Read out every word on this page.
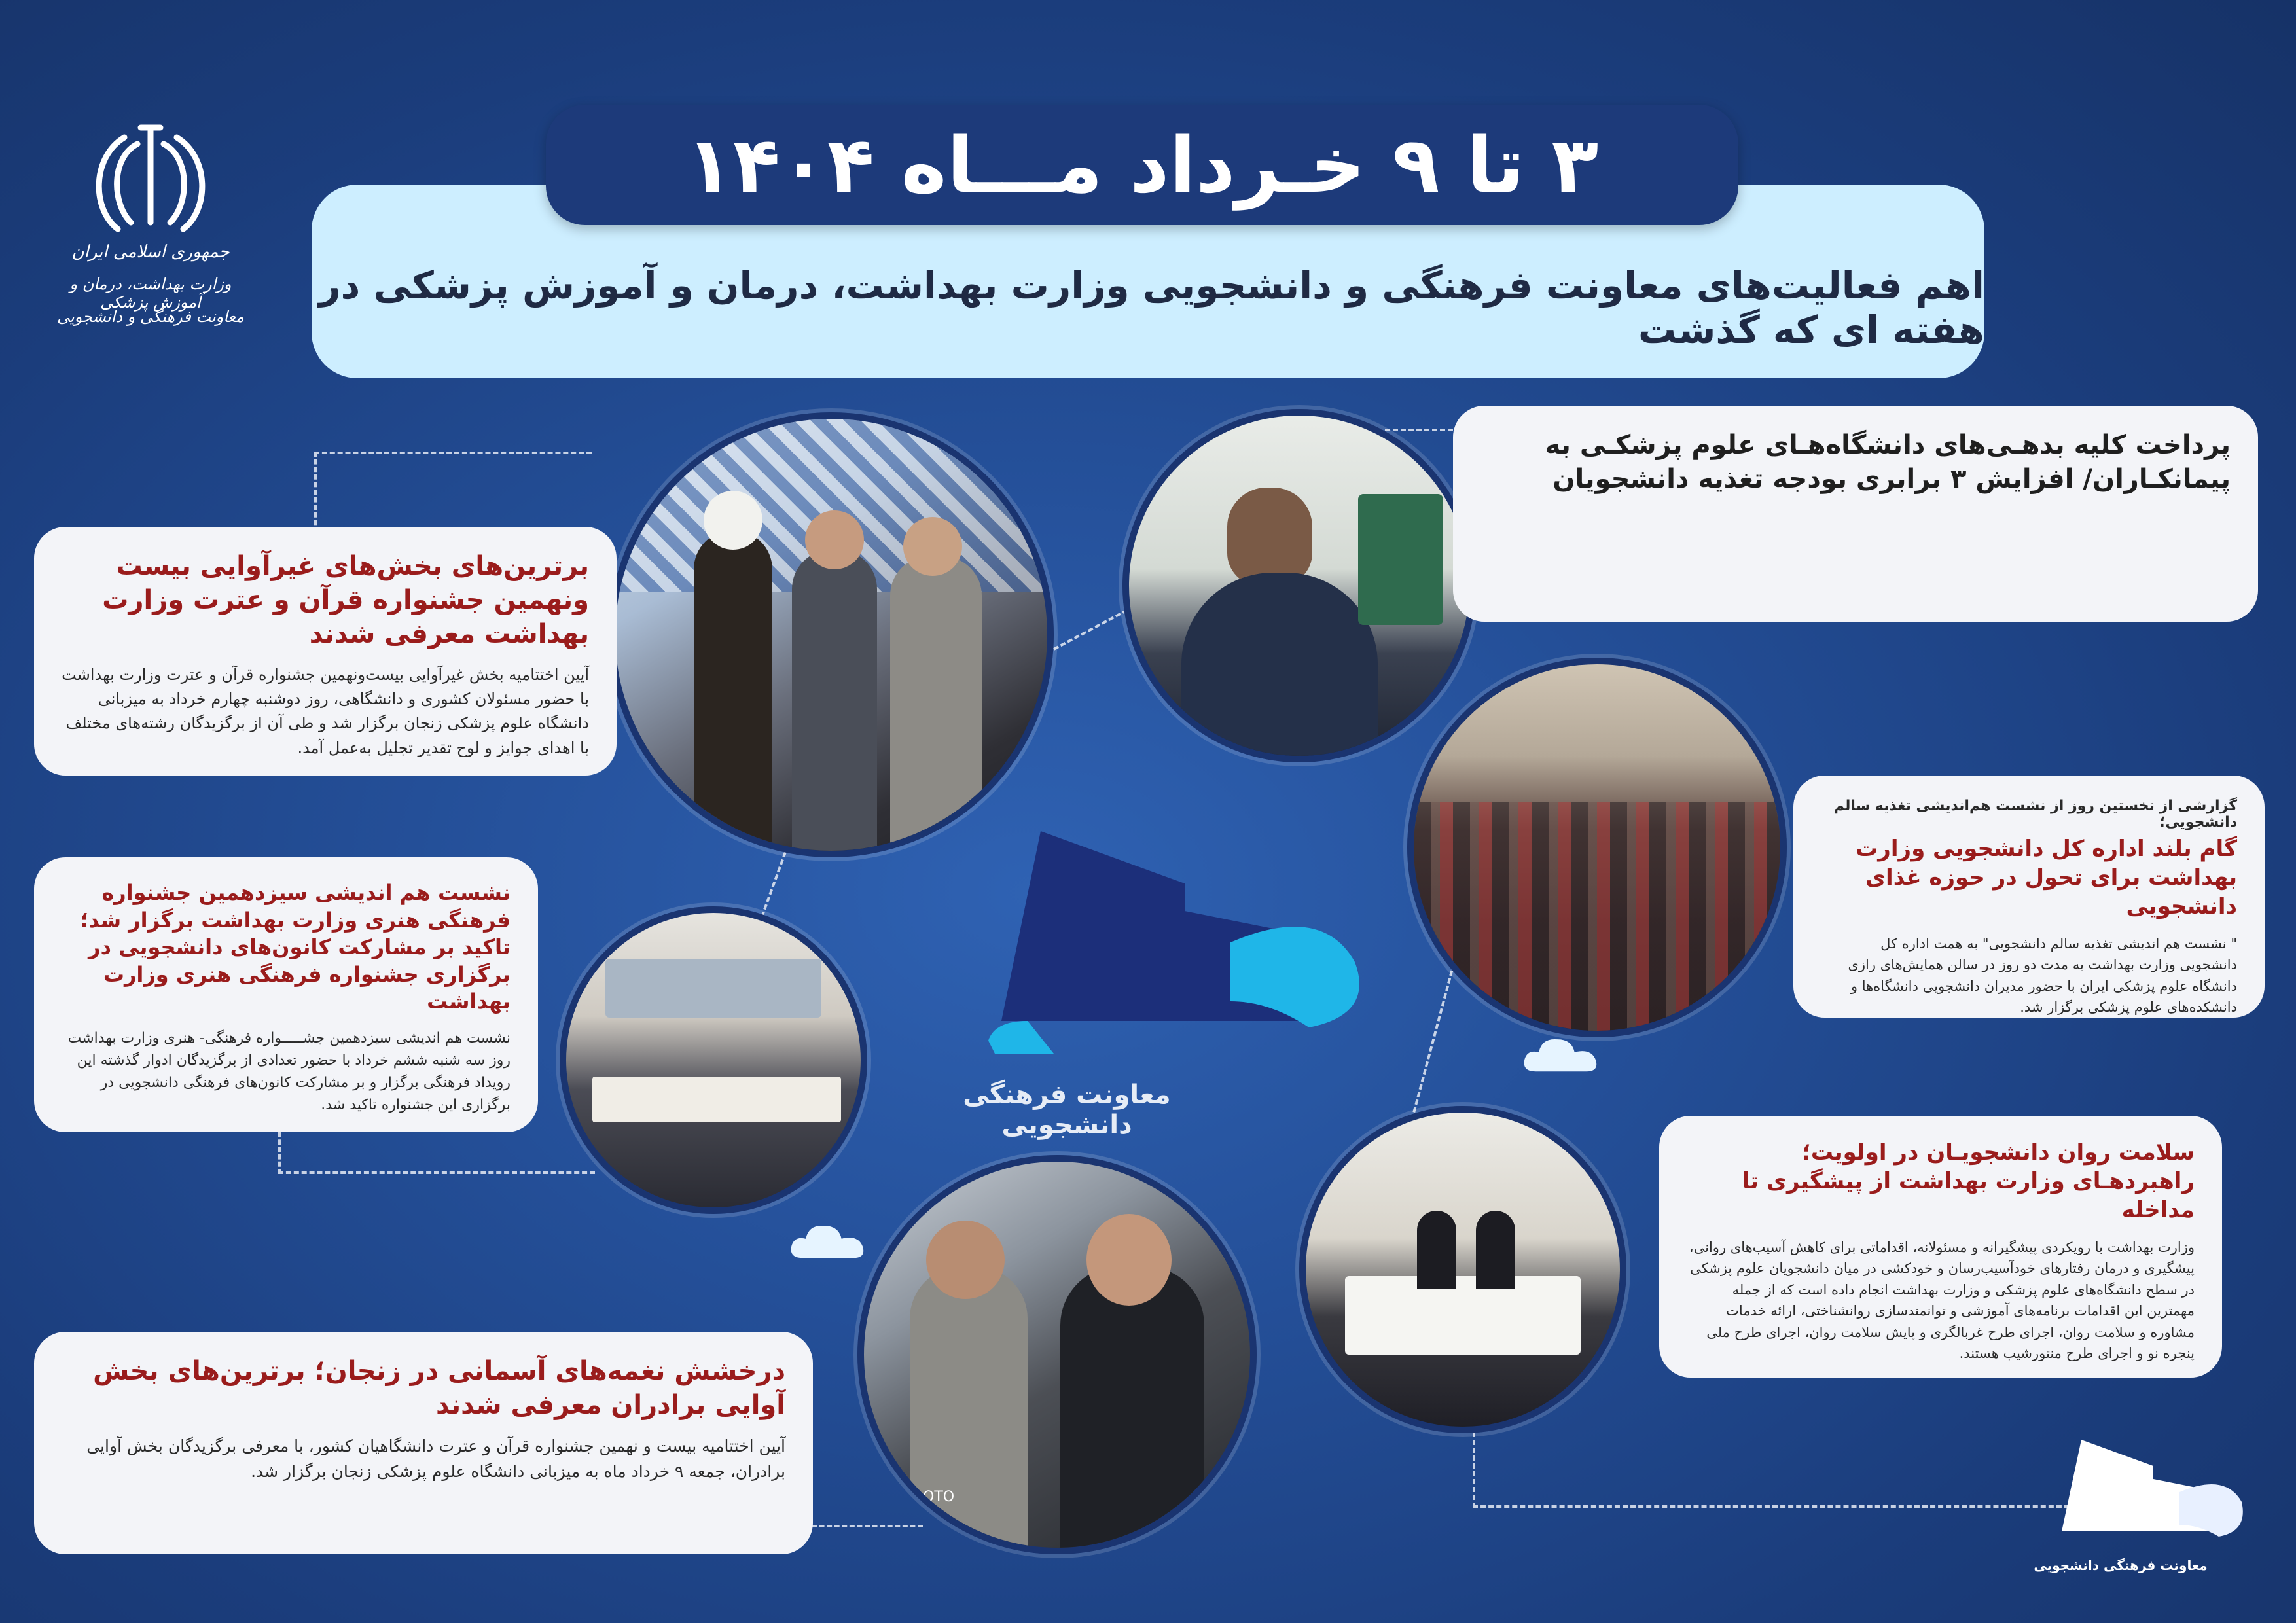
جمهوری اسلامی ایران
وزارت بهداشت، درمان و آموزش پزشکی
معاونت فرهنگی و دانشجویی
اهم فعالیت‌های معاونت فرهنگی و دانشجویی وزارت بهداشت، درمان و آموزش پزشکی در هفته ای که گذشت
۳ تا ۹ خـرداد مـــاه ۱۴۰۴
OTO
معاونت فرهنگی دانشجویی
برترین‌های بخش‌های غیرآوایی بیست ونهمین جشنواره قرآن و عترت وزارت بهداشت معرفی شدند

آیین اختتامیه بخش غیرآوایی بیست‌ونهمین جشنواره قرآن و عترت وزارت بهداشت با حضور مسئولان کشوری و دانشگاهی، روز دوشنبه چهارم خرداد به میزبانی دانشگاه علوم پزشکی زنجان برگزار شد و طی آن از برگزیدگان رشته‌های مختلف با اهدای جوایز و لوح تقدیر تجلیل به‌عمل آمد.

پرداخت کلیه بدهـی‌های دانشگاه‌هـای علوم پزشکـی به پیمانکـاران/ افزایش ۳ برابری بودجه تغذیه دانشجویان
نشست هم اندیشی سیزدهمین جشنواره فرهنگی هنری وزارت بهداشت برگزار شد؛ تاکید بر مشارکت کانون‌های دانشجویی در برگزاری جشنواره فرهنگی هنری وزارت بهداشت

نشست هم اندیشی سیزدهمین جشـــــواره فرهنگی- هنری وزارت بهداشت روز سه شنبه ششم خرداد با حضور تعدادی از برگزیدگان ادوار گذشته این رویداد فرهنگی برگزار و بر مشارکت کانون‌های فرهنگی دانشجویی در برگزاری این جشنواره تاکید شد.

گزارشی از نخستین روز از نشست هم‌اندیشی تغذیه سالم دانشجویی؛
گام بلند اداره کل دانشجویی وزارت بهداشت برای تحول در حوزه غذای دانشجویی

" نشست هم اندیشی تغذیه سالم دانشجویی" به همت اداره کل دانشجویی وزارت بهداشت به مدت دو روز در سالن همایش‌های رازی دانشگاه علوم پزشکی ایران با حضور مدیران دانشجویی دانشگاه‌ها و دانشکده‌های علوم پزشکی برگزار شد.

سلامت روان دانشجویـان در اولویت؛ راهبردهـای وزارت بهداشت از پیشگیری تا مداخله

وزارت بهداشت با رویکردی پیشگیرانه و مسئولانه، اقداماتی برای کاهش آسیب‌های روانی، پیشگیری و درمان رفتارهای خودآسیب‌رسان و خودکشی در میان دانشجویان علوم پزشکی در سطح دانشگاه‌های علوم پزشکی و وزارت بهداشت انجام داده است که از جمله مهمترین این اقدامات برنامه‌های آموزشی و توانمندسازی روانشناختی، ارائه خدمات مشاوره و سلامت روان، اجرای طرح غربالگری و پایش سلامت روان، اجرای طرح ملی پنجره نو و اجرای طرح منتورشیب هستند.

درخشش نغمه‌های آسمانی در زنجان؛ برترین‌های بخش آوایی برادران معرفی شدند

آیین اختتامیه بیست و نهمین جشنواره قرآن و عترت دانشگاهیان کشور، با معرفی برگزیدگان بخش آوایی برادران، جمعه ۹ خرداد ماه به میزبانی دانشگاه علوم پزشکی زنجان برگزار شد.

معاونت فرهنگی دانشجویی
